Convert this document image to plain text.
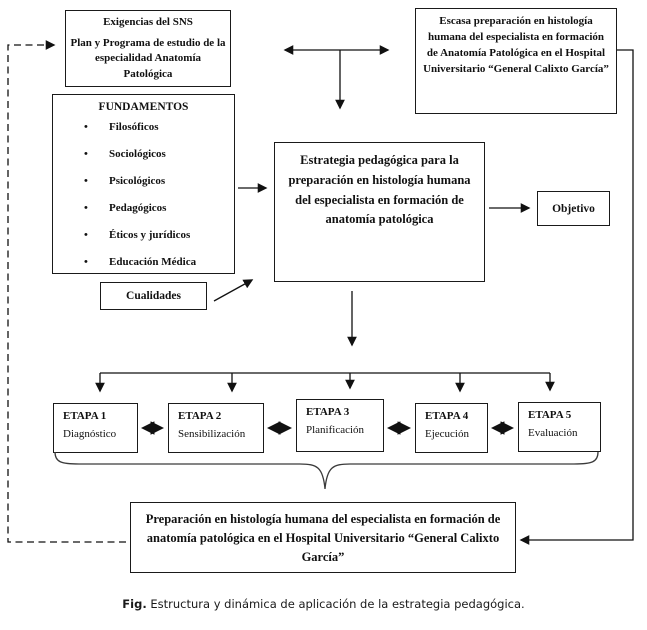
Exigencias del SNS
Plan y Programa de estudio de la especialidad Anatomía Patológica
FUNDAMENTOS
•	Filosóficos
•	Sociológicos
•	Psicológicos
•	Pedagógicos
•	Éticos y jurídicos
•	Educación Médica
Escasa preparación en histología humana del especialista en formación de Anatomía Patológica en el Hospital Universitario “General Calixto García”
Estrategia pedagógica para la preparación en histología humana del especialista en formación de anatomía patológica
Objetivo
Cualidades
ETAPA 1
Diagnóstico
ETAPA 2
Sensibilización
ETAPA 3
Planificación
ETAPA 4
Ejecución
ETAPA 5
Evaluación
Preparación en histología humana del especialista en formación de anatomía patológica en el Hospital Universitario “General Calixto García”
Fig. Estructura y dinámica de aplicación de la estrategia pedagógica.
